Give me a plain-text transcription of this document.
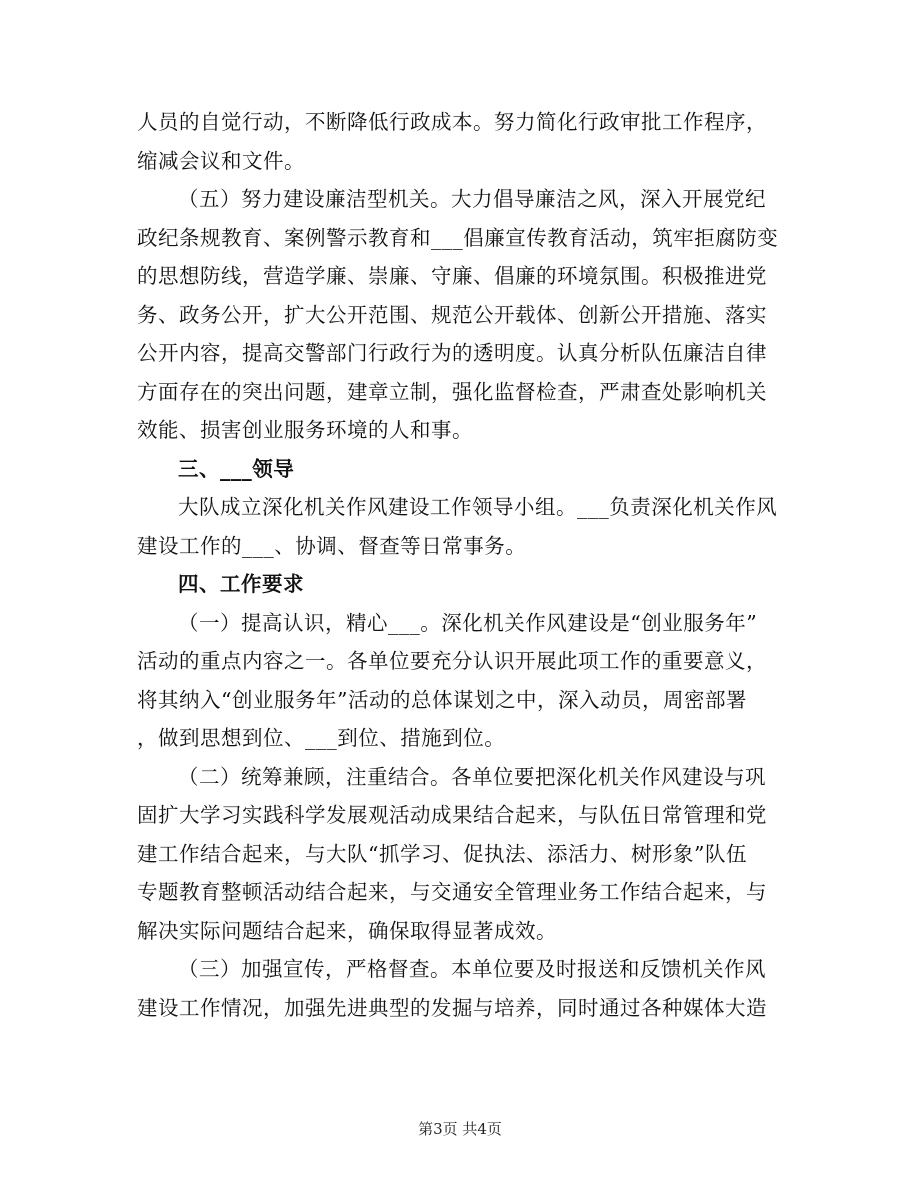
人员的自觉行动，不断降低行政成本。努力简化行政审批工作程序，
缩减会议和文件。
（五）努力建设廉洁型机关。大力倡导廉洁之风，深入开展党纪
政纪条规教育、案例警示教育和___倡廉宣传教育活动，筑牢拒腐防变
的思想防线，营造学廉、崇廉、守廉、倡廉的环境氛围。积极推进党
务、政务公开，扩大公开范围、规范公开载体、创新公开措施、落实
公开内容，提高交警部门行政行为的透明度。认真分析队伍廉洁自律
方面存在的突出问题，建章立制，强化监督检查，严肃查处影响机关
效能、损害创业服务环境的人和事。
三、___领导
大队成立深化机关作风建设工作领导小组。___负责深化机关作风
建设工作的___、协调、督查等日常事务。
四、工作要求
（一）提高认识，精心___。深化机关作风建设是“创业服务年”
活动的重点内容之一。各单位要充分认识开展此项工作的重要意义，
将其纳入“创业服务年”活动的总体谋划之中，深入动员，周密部署
，做到思想到位、___到位、措施到位。
（二）统筹兼顾，注重结合。各单位要把深化机关作风建设与巩
固扩大学习实践科学发展观活动成果结合起来，与队伍日常管理和党
建工作结合起来，与大队“抓学习、促执法、添活力、树形象”队伍
专题教育整顿活动结合起来，与交通安全管理业务工作结合起来，与
解决实际问题结合起来，确保取得显著成效。
（三）加强宣传，严格督查。本单位要及时报送和反馈机关作风
建设工作情况，加强先进典型的发掘与培养，同时通过各种媒体大造
第3页 共4页
